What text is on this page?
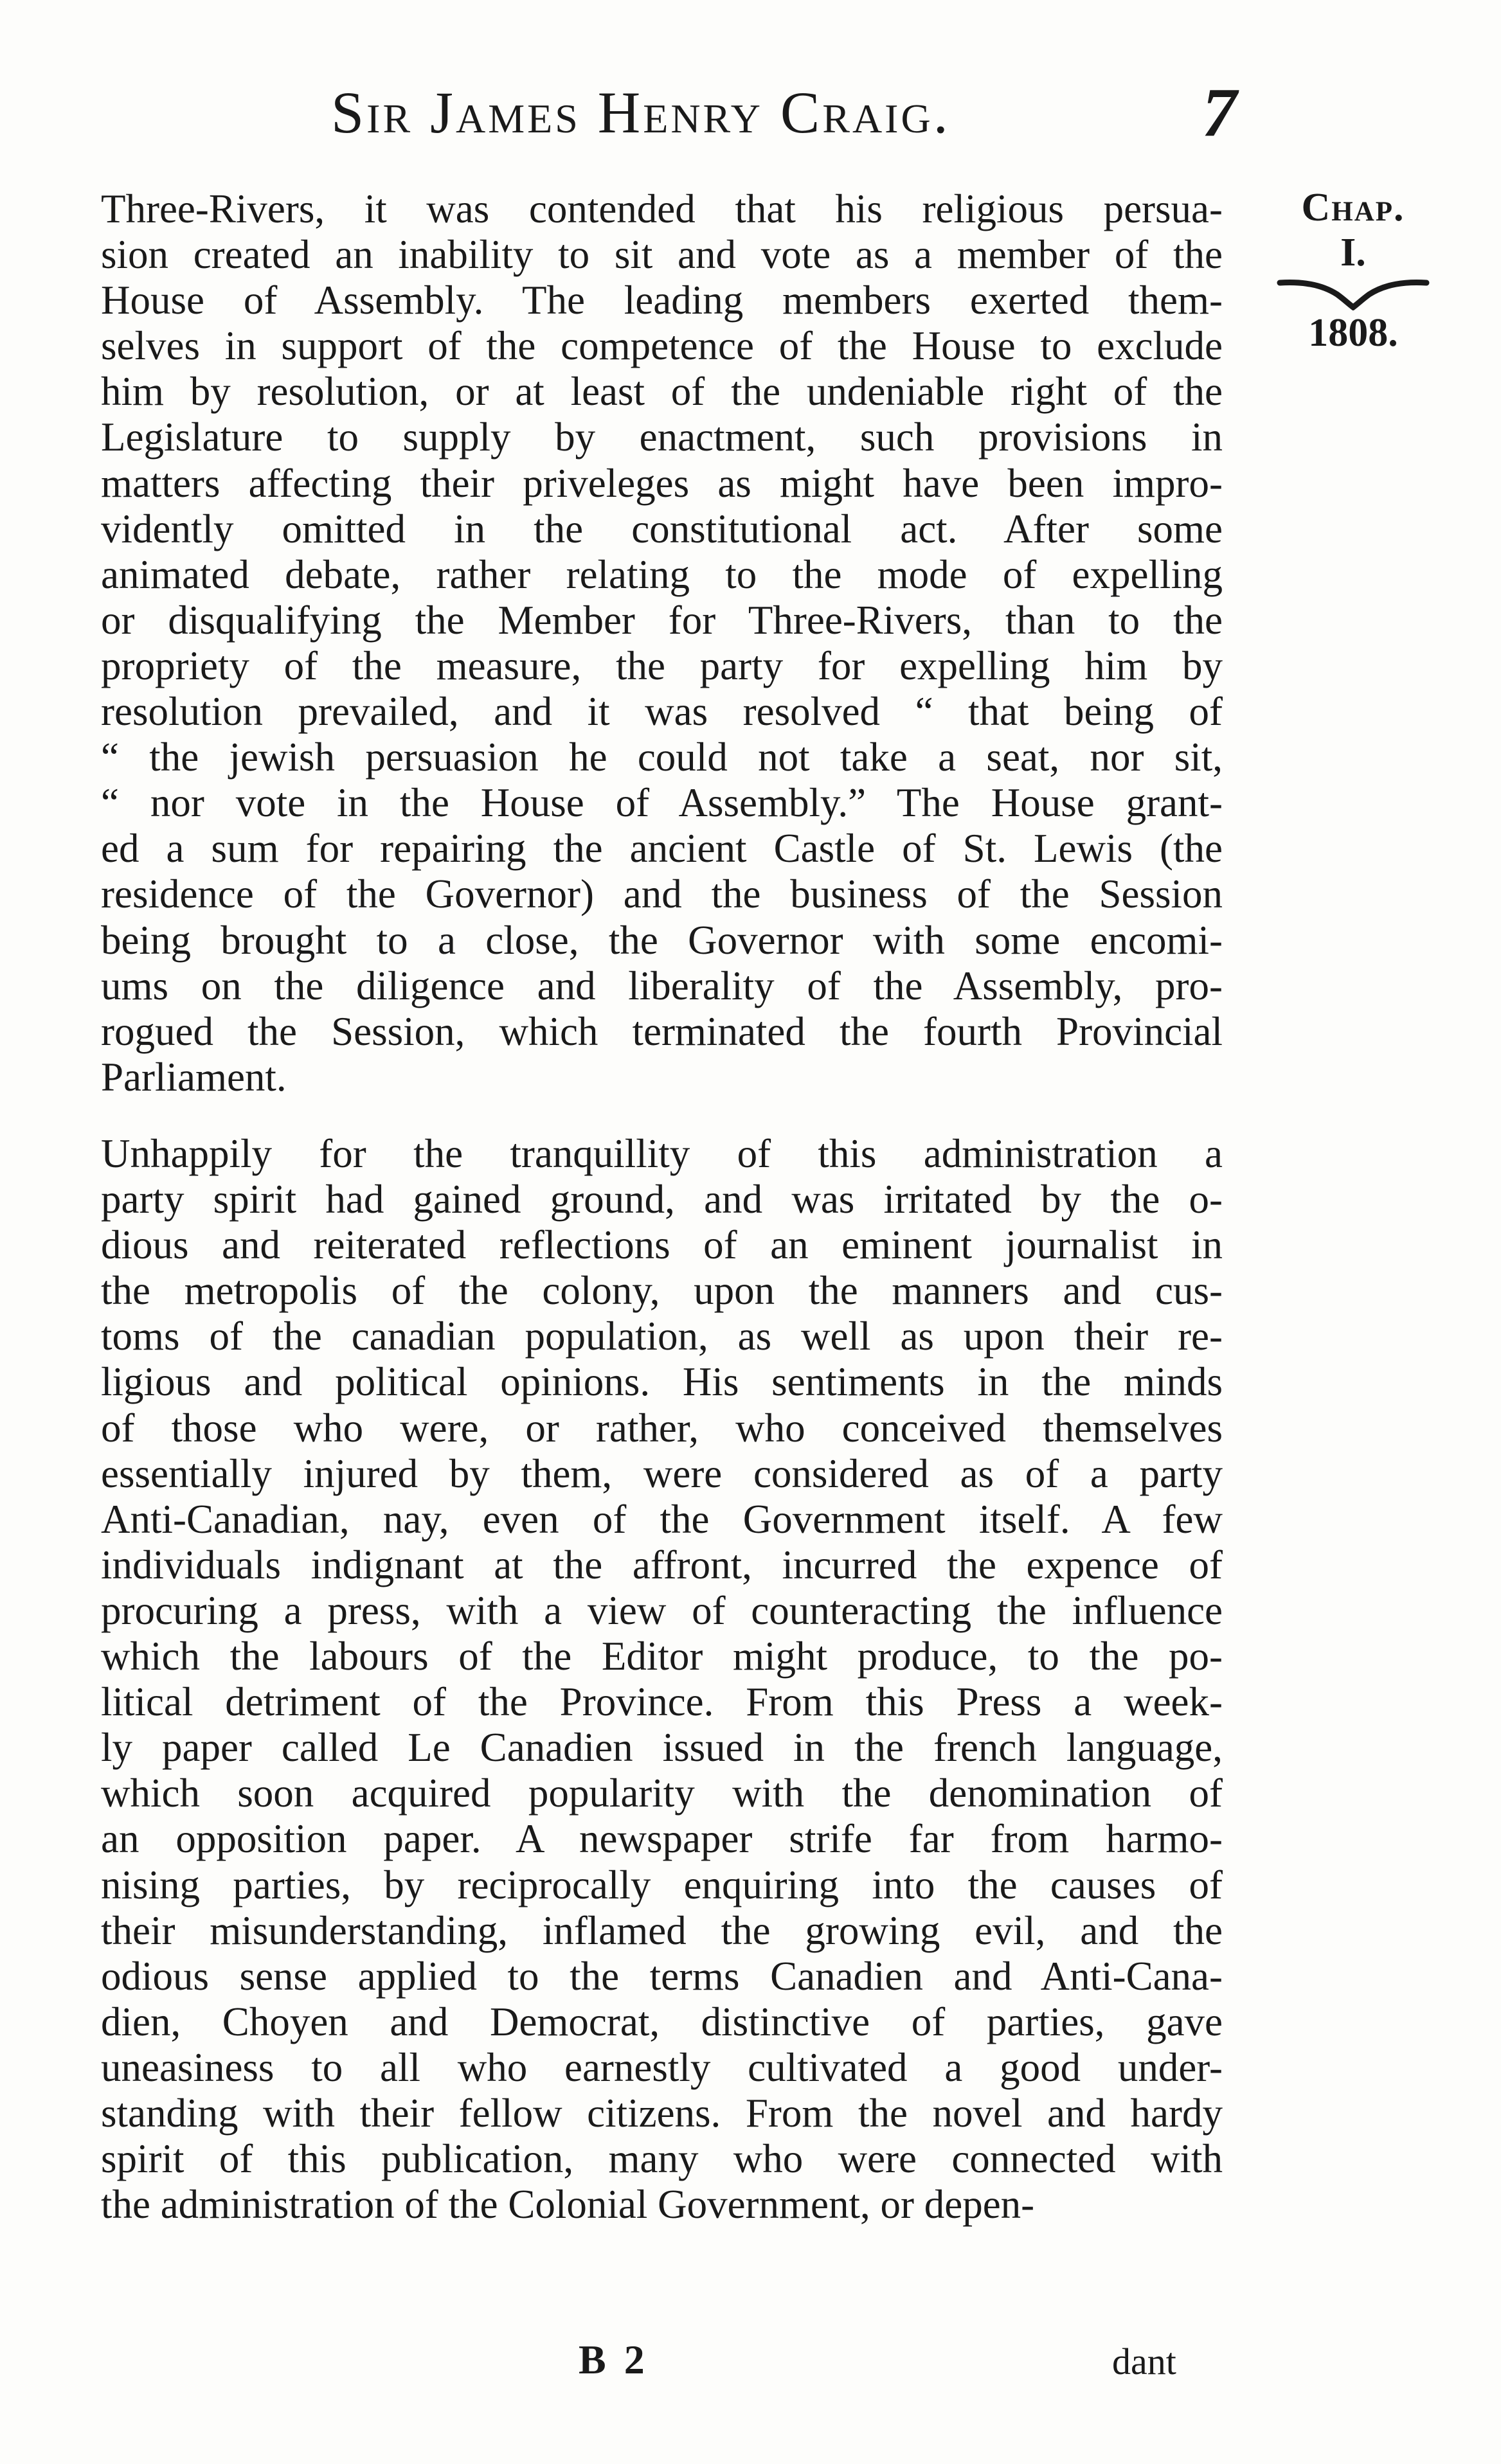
Sir James Henry Craig.	7
Chap.
I.
1808.
Three-Rivers, it was contended that his religious persua-
sion created an inability to sit and vote as a member of the
House of Assembly. The leading members exerted them-
selves in support of the competence of the House to exclude
him by resolution, or at least of the undeniable right of the
Legislature to supply by enactment, such provisions in
matters affecting their priveleges as might have been impro-
vidently omitted in the constitutional act. After some
animated debate, rather relating to the mode of expelling
or disqualifying the Member for Three-Rivers, than to the
propriety of the measure, the party for expelling him by
resolution prevailed, and it was resolved “ that being of
“ the jewish persuasion he could not take a seat, nor sit,
“ nor vote in the House of Assembly.” The House grant-
ed a sum for repairing the ancient Castle of St. Lewis (the
residence of the Governor) and the business of the Session
being brought to a close, the Governor with some encomi-
ums on the diligence and liberality of the Assembly, pro-
rogued the Session, which terminated the fourth Provincial
Parliament.
Unhappily for the tranquillity of this administration a
party spirit had gained ground, and was irritated by the o-
dious and reiterated reflections of an eminent journalist in
the metropolis of the colony, upon the manners and cus-
toms of the canadian population, as well as upon their re-
ligious and political opinions. His sentiments in the minds
of those who were, or rather, who conceived themselves
essentially injured by them, were considered as of a party
Anti-Canadian, nay, even of the Government itself. A few
individuals indignant at the affront, incurred the expence of
procuring a press, with a view of counteracting the influence
which the labours of the Editor might produce, to the po-
litical detriment of the Province. From this Press a week-
ly paper called Le Canadien issued in the french language,
which soon acquired popularity with the denomination of
an opposition paper. A newspaper strife far from harmo-
nising parties, by reciprocally enquiring into the causes of
their misunderstanding, inflamed the growing evil, and the
odious sense applied to the terms Canadien and Anti-Cana-
dien, Choyen and Democrat, distinctive of parties, gave
uneasiness to all who earnestly cultivated a good under-
standing with their fellow citizens. From the novel and hardy
spirit of this publication, many who were connected with
the administration of the Colonial Government, or depen-
B 2	dant
